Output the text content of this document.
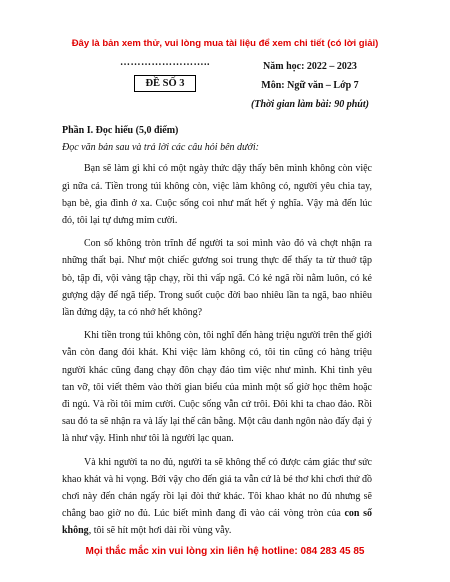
Đây là bản xem thử, vui lòng mua tài liệu để xem chi tiết (có lời giải)
……………………..
ĐỀ SỐ 3
Năm học: 2022 – 2023
Môn: Ngữ văn – Lớp 7
(Thời gian làm bài: 90 phút)
Phần I. Đọc hiểu (5,0 điểm)
Đọc văn bản sau và trả lời các câu hỏi bên dưới:

Bạn sẽ làm gì khi có một ngày thức dậy thấy bên mình không còn việc gì nữa cả. Tiền trong túi không còn, việc làm không có, người yêu chia tay, bạn bè, gia đình ở xa. Cuộc sống coi như mất hết ý nghĩa. Vậy mà đến lúc đó, tôi lại tự dưng mỉm cười.

Con số không tròn trĩnh để người ta soi mình vào đó và chợt nhận ra những thất bại. Như một chiếc gương soi trung thực để thấy ta từ thuở tập bò, tập đi, vội vàng tập chạy, rồi thì vấp ngã. Có kẻ ngã rồi nằm luôn, có kẻ gượng dậy để ngã tiếp. Trong suốt cuộc đời bao nhiêu lần ta ngã, bao nhiêu lần đứng dậy, ta có nhớ hết không?

Khi tiền trong túi không còn, tôi nghĩ đến hàng triệu người trên thế giới vẫn còn đang đói khát. Khi việc làm không có, tôi tin cũng có hàng triệu người khác cũng đang chạy đôn chạy đáo tìm việc như mình. Khi tình yêu tan vỡ, tôi viết thêm vào thời gian biểu của mình một số giờ học thêm hoặc đi ngủ. Và rồi tôi mỉm cười. Cuộc sống vẫn cứ trôi. Đôi khi ta chao đảo. Rồi sau đó ta sẽ nhận ra và lấy lại thế cân bằng. Một câu danh ngôn nào đấy đại ý là như vậy. Hình như tôi là người lạc quan.

Và khi người ta no đủ, người ta sẽ không thể có được cảm giác thư sức khao khát và hi vọng. Bởi vậy cho đến giả ta vẫn cứ là bé thơ khi chơi thứ đồ chơi này đến chán ngấy rồi lại đòi thứ khác. Tôi khao khát no đủ nhưng sẽ chẳng bao giờ no đủ. Lúc biết mình đang đi vào cái vòng tròn của con số không, tôi sẽ hít một hơi dài rồi vùng vẫy.

Mọi thắc mắc xin vui lòng xin liên hệ hotline: 084 283 45 85
